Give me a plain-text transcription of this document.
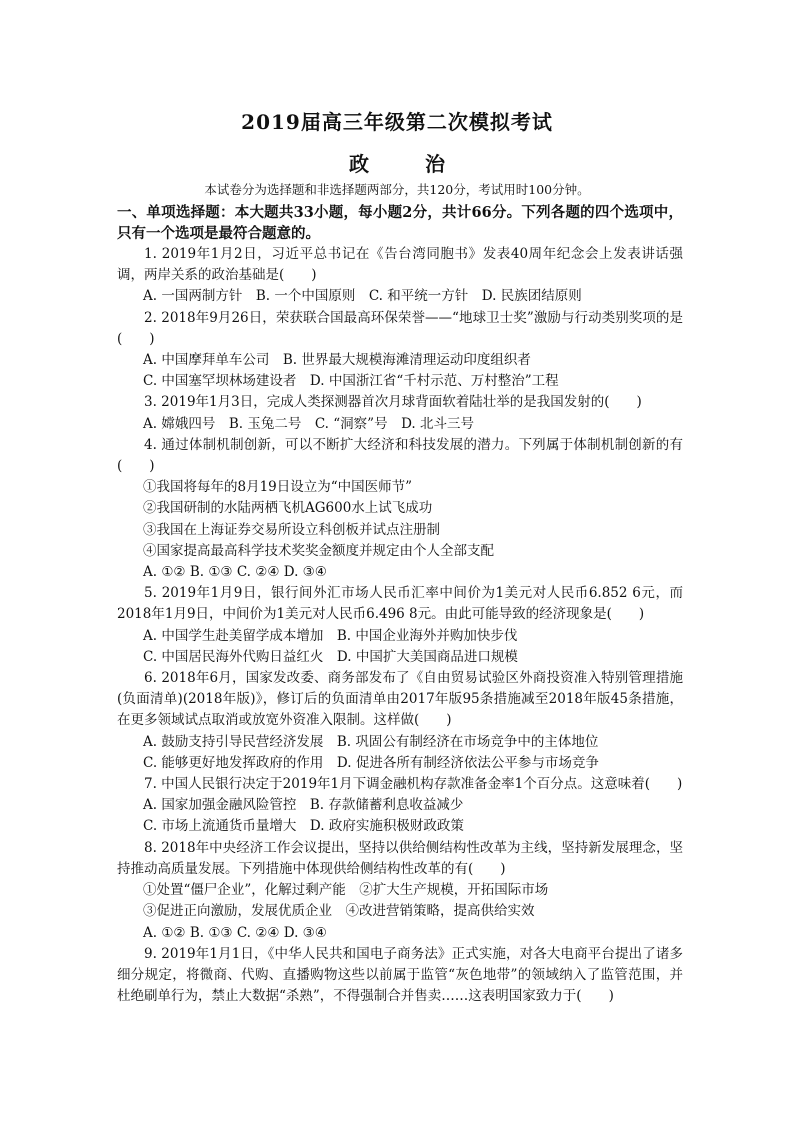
2019届高三年级第二次模拟考试
政　治
本试卷分为选择题和非选择题两部分，共120分，考试用时100分钟。
一、单项选择题：本大题共33小题，每小题2分，共计66分。下列各题的四个选项中，只有一个选项是最符合题意的。
1. 2019年1月2日，习近平总书记在《告台湾同胞书》发表40周年纪念会上发表讲话强调，两岸关系的政治基础是(　　)
A. 一国两制方针　B. 一个中国原则　C. 和平统一方针　D. 民族团结原则
2. 2018年9月26日，荣获联合国最高环保荣誉——“地球卫士奖”激励与行动类别奖项的是(　　)
A. 中国摩拜单车公司　B. 世界最大规模海滩清理运动印度组织者
C. 中国塞罕坝林场建设者　D. 中国浙江省“千村示范、万村整治”工程
3. 2019年1月3日，完成人类探测器首次月球背面软着陆壮举的是我国发射的(　　)
A. 嫦娥四号　B. 玉兔二号　C. “洞察”号　D. 北斗三号
4. 通过体制机制创新，可以不断扩大经济和科技发展的潜力。下列属于体制机制创新的有(　　)
①我国将每年的8月19日设立为“中国医师节”
②我国研制的水陆两栖飞机AG600水上试飞成功
③我国在上海证券交易所设立科创板并试点注册制
④国家提高最高科学技术奖奖金额度并规定由个人全部支配
A. ①② B. ①③ C. ②④ D. ③④
5. 2019年1月9日，银行间外汇市场人民币汇率中间价为1美元对人民币6.852 6元，而2018年1月9日，中间价为1美元对人民币6.496 8元。由此可能导致的经济现象是(　　)
A. 中国学生赴美留学成本增加　B. 中国企业海外并购加快步伐
C. 中国居民海外代购日益红火　D. 中国扩大美国商品进口规模
6. 2018年6月，国家发改委、商务部发布了《自由贸易试验区外商投资准入特别管理措施(负面清单)(2018年版)》，修订后的负面清单由2017年版95条措施减至2018年版45条措施，在更多领域试点取消或放宽外资准入限制。这样做(　　)
A. 鼓励支持引导民营经济发展　B. 巩固公有制经济在市场竞争中的主体地位
C. 能够更好地发挥政府的作用　D. 促进各所有制经济依法公平参与市场竞争
7. 中国人民银行决定于2019年1月下调金融机构存款准备金率1个百分点。这意味着(　　)
A. 国家加强金融风险管控　B. 存款储蓄利息收益减少
C. 市场上流通货币量增大　D. 政府实施积极财政政策
8. 2018年中央经济工作会议提出，坚持以供给侧结构性改革为主线，坚持新发展理念，坚持推动高质量发展。下列措施中体现供给侧结构性改革的有(　　)
①处置“僵尸企业”，化解过剩产能　②扩大生产规模，开拓国际市场
③促进正向激励，发展优质企业　④改进营销策略，提高供给实效
A. ①② B. ①③ C. ②④ D. ③④
9. 2019年1月1日，《中华人民共和国电子商务法》正式实施，对各大电商平台提出了诸多细分规定，将微商、代购、直播购物这些以前属于监管“灰色地带”的领域纳入了监管范围，并杜绝刷单行为，禁止大数据“杀熟”，不得强制合并售卖……这表明国家致力于(　　)
